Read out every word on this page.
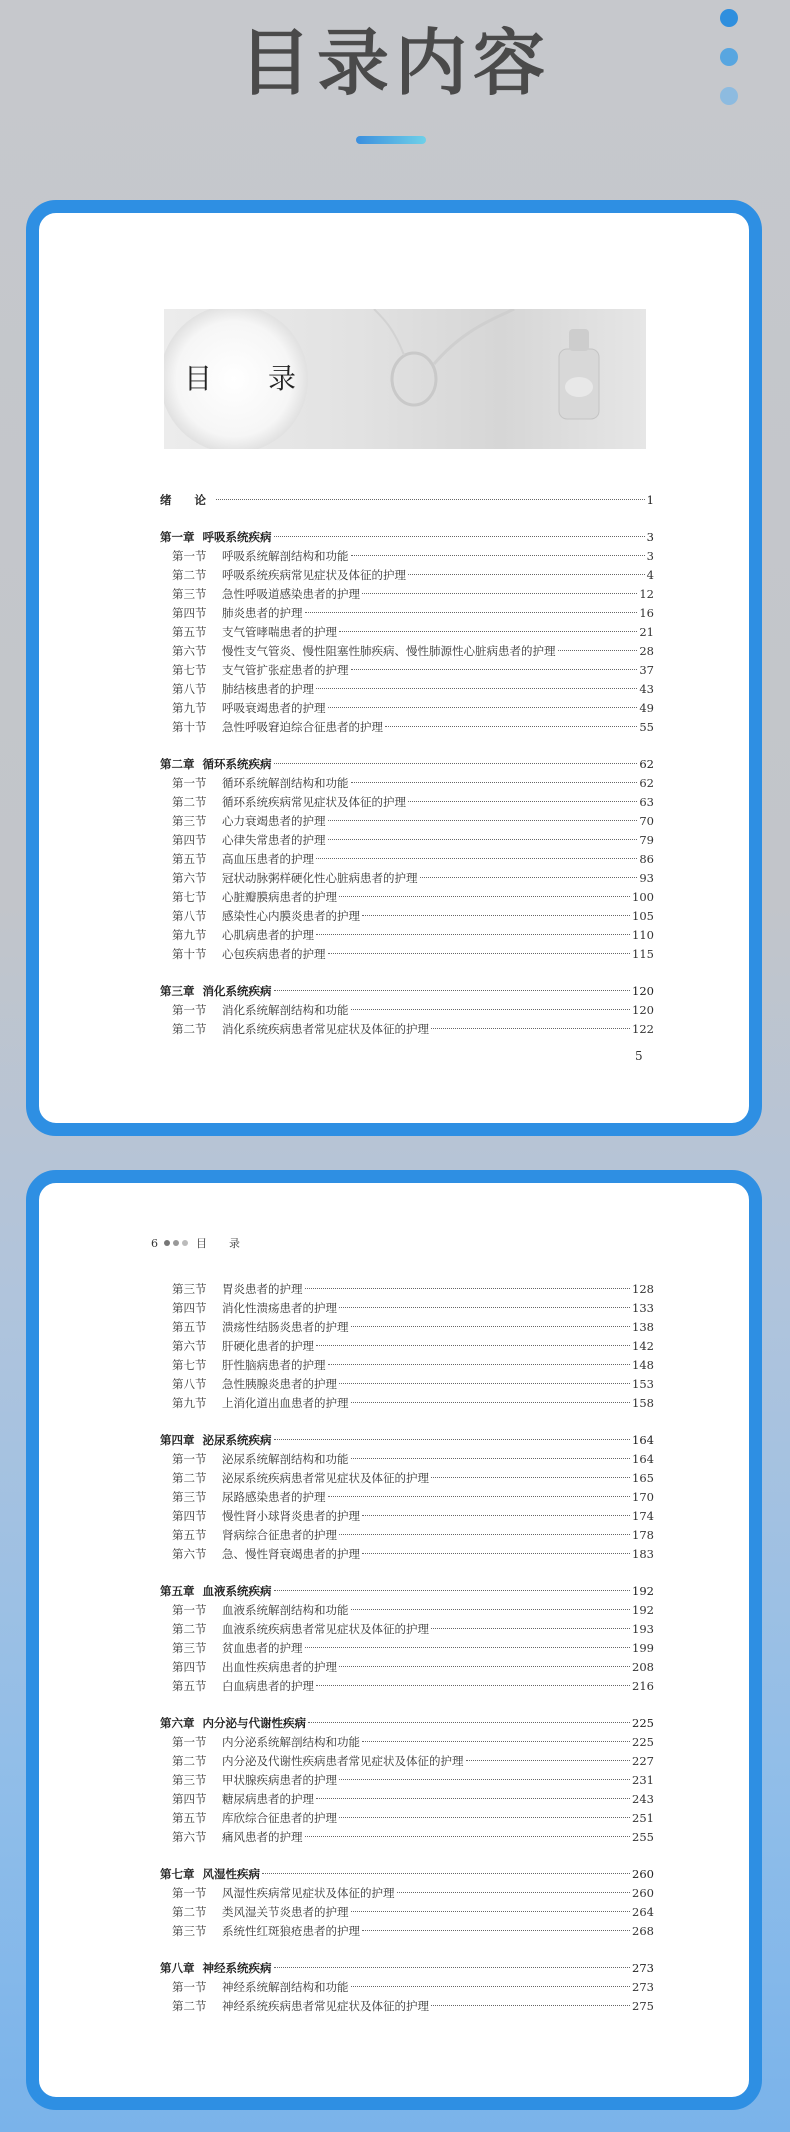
目录内容
目　　录
绪　　论	1
第一章 呼吸系统疾病	3
第一节	呼吸系统解剖结构和功能	3
第二节	呼吸系统疾病常见症状及体征的护理	4
第三节	急性呼吸道感染患者的护理	12
第四节	肺炎患者的护理	16
第五节	支气管哮喘患者的护理	21
第六节	慢性支气管炎、慢性阻塞性肺疾病、慢性肺源性心脏病患者的护理	28
第七节	支气管扩张症患者的护理	37
第八节	肺结核患者的护理	43
第九节	呼吸衰竭患者的护理	49
第十节	急性呼吸窘迫综合征患者的护理	55
第二章 循环系统疾病	62
第一节	循环系统解剖结构和功能	62
第二节	循环系统疾病常见症状及体征的护理	63
第三节	心力衰竭患者的护理	70
第四节	心律失常患者的护理	79
第五节	高血压患者的护理	86
第六节	冠状动脉粥样硬化性心脏病患者的护理	93
第七节	心脏瓣膜病患者的护理	100
第八节	感染性心内膜炎患者的护理	105
第九节	心肌病患者的护理	110
第十节	心包疾病患者的护理	115
第三章 消化系统疾病	120
第一节	消化系统解剖结构和功能	120
第二节	消化系统疾病患者常见症状及体征的护理	122
5
6	目　　录
第三节	胃炎患者的护理	128
第四节	消化性溃疡患者的护理	133
第五节	溃疡性结肠炎患者的护理	138
第六节	肝硬化患者的护理	142
第七节	肝性脑病患者的护理	148
第八节	急性胰腺炎患者的护理	153
第九节	上消化道出血患者的护理	158
第四章 泌尿系统疾病	164
第一节	泌尿系统解剖结构和功能	164
第二节	泌尿系统疾病患者常见症状及体征的护理	165
第三节	尿路感染患者的护理	170
第四节	慢性肾小球肾炎患者的护理	174
第五节	肾病综合征患者的护理	178
第六节	急、慢性肾衰竭患者的护理	183
第五章 血液系统疾病	192
第一节	血液系统解剖结构和功能	192
第二节	血液系统疾病患者常见症状及体征的护理	193
第三节	贫血患者的护理	199
第四节	出血性疾病患者的护理	208
第五节	白血病患者的护理	216
第六章 内分泌与代谢性疾病	225
第一节	内分泌系统解剖结构和功能	225
第二节	内分泌及代谢性疾病患者常见症状及体征的护理	227
第三节	甲状腺疾病患者的护理	231
第四节	糖尿病患者的护理	243
第五节	库欣综合征患者的护理	251
第六节	痛风患者的护理	255
第七章 风湿性疾病	260
第一节	风湿性疾病常见症状及体征的护理	260
第二节	类风湿关节炎患者的护理	264
第三节	系统性红斑狼疮患者的护理	268
第八章 神经系统疾病	273
第一节	神经系统解剖结构和功能	273
第二节	神经系统疾病患者常见症状及体征的护理	275
